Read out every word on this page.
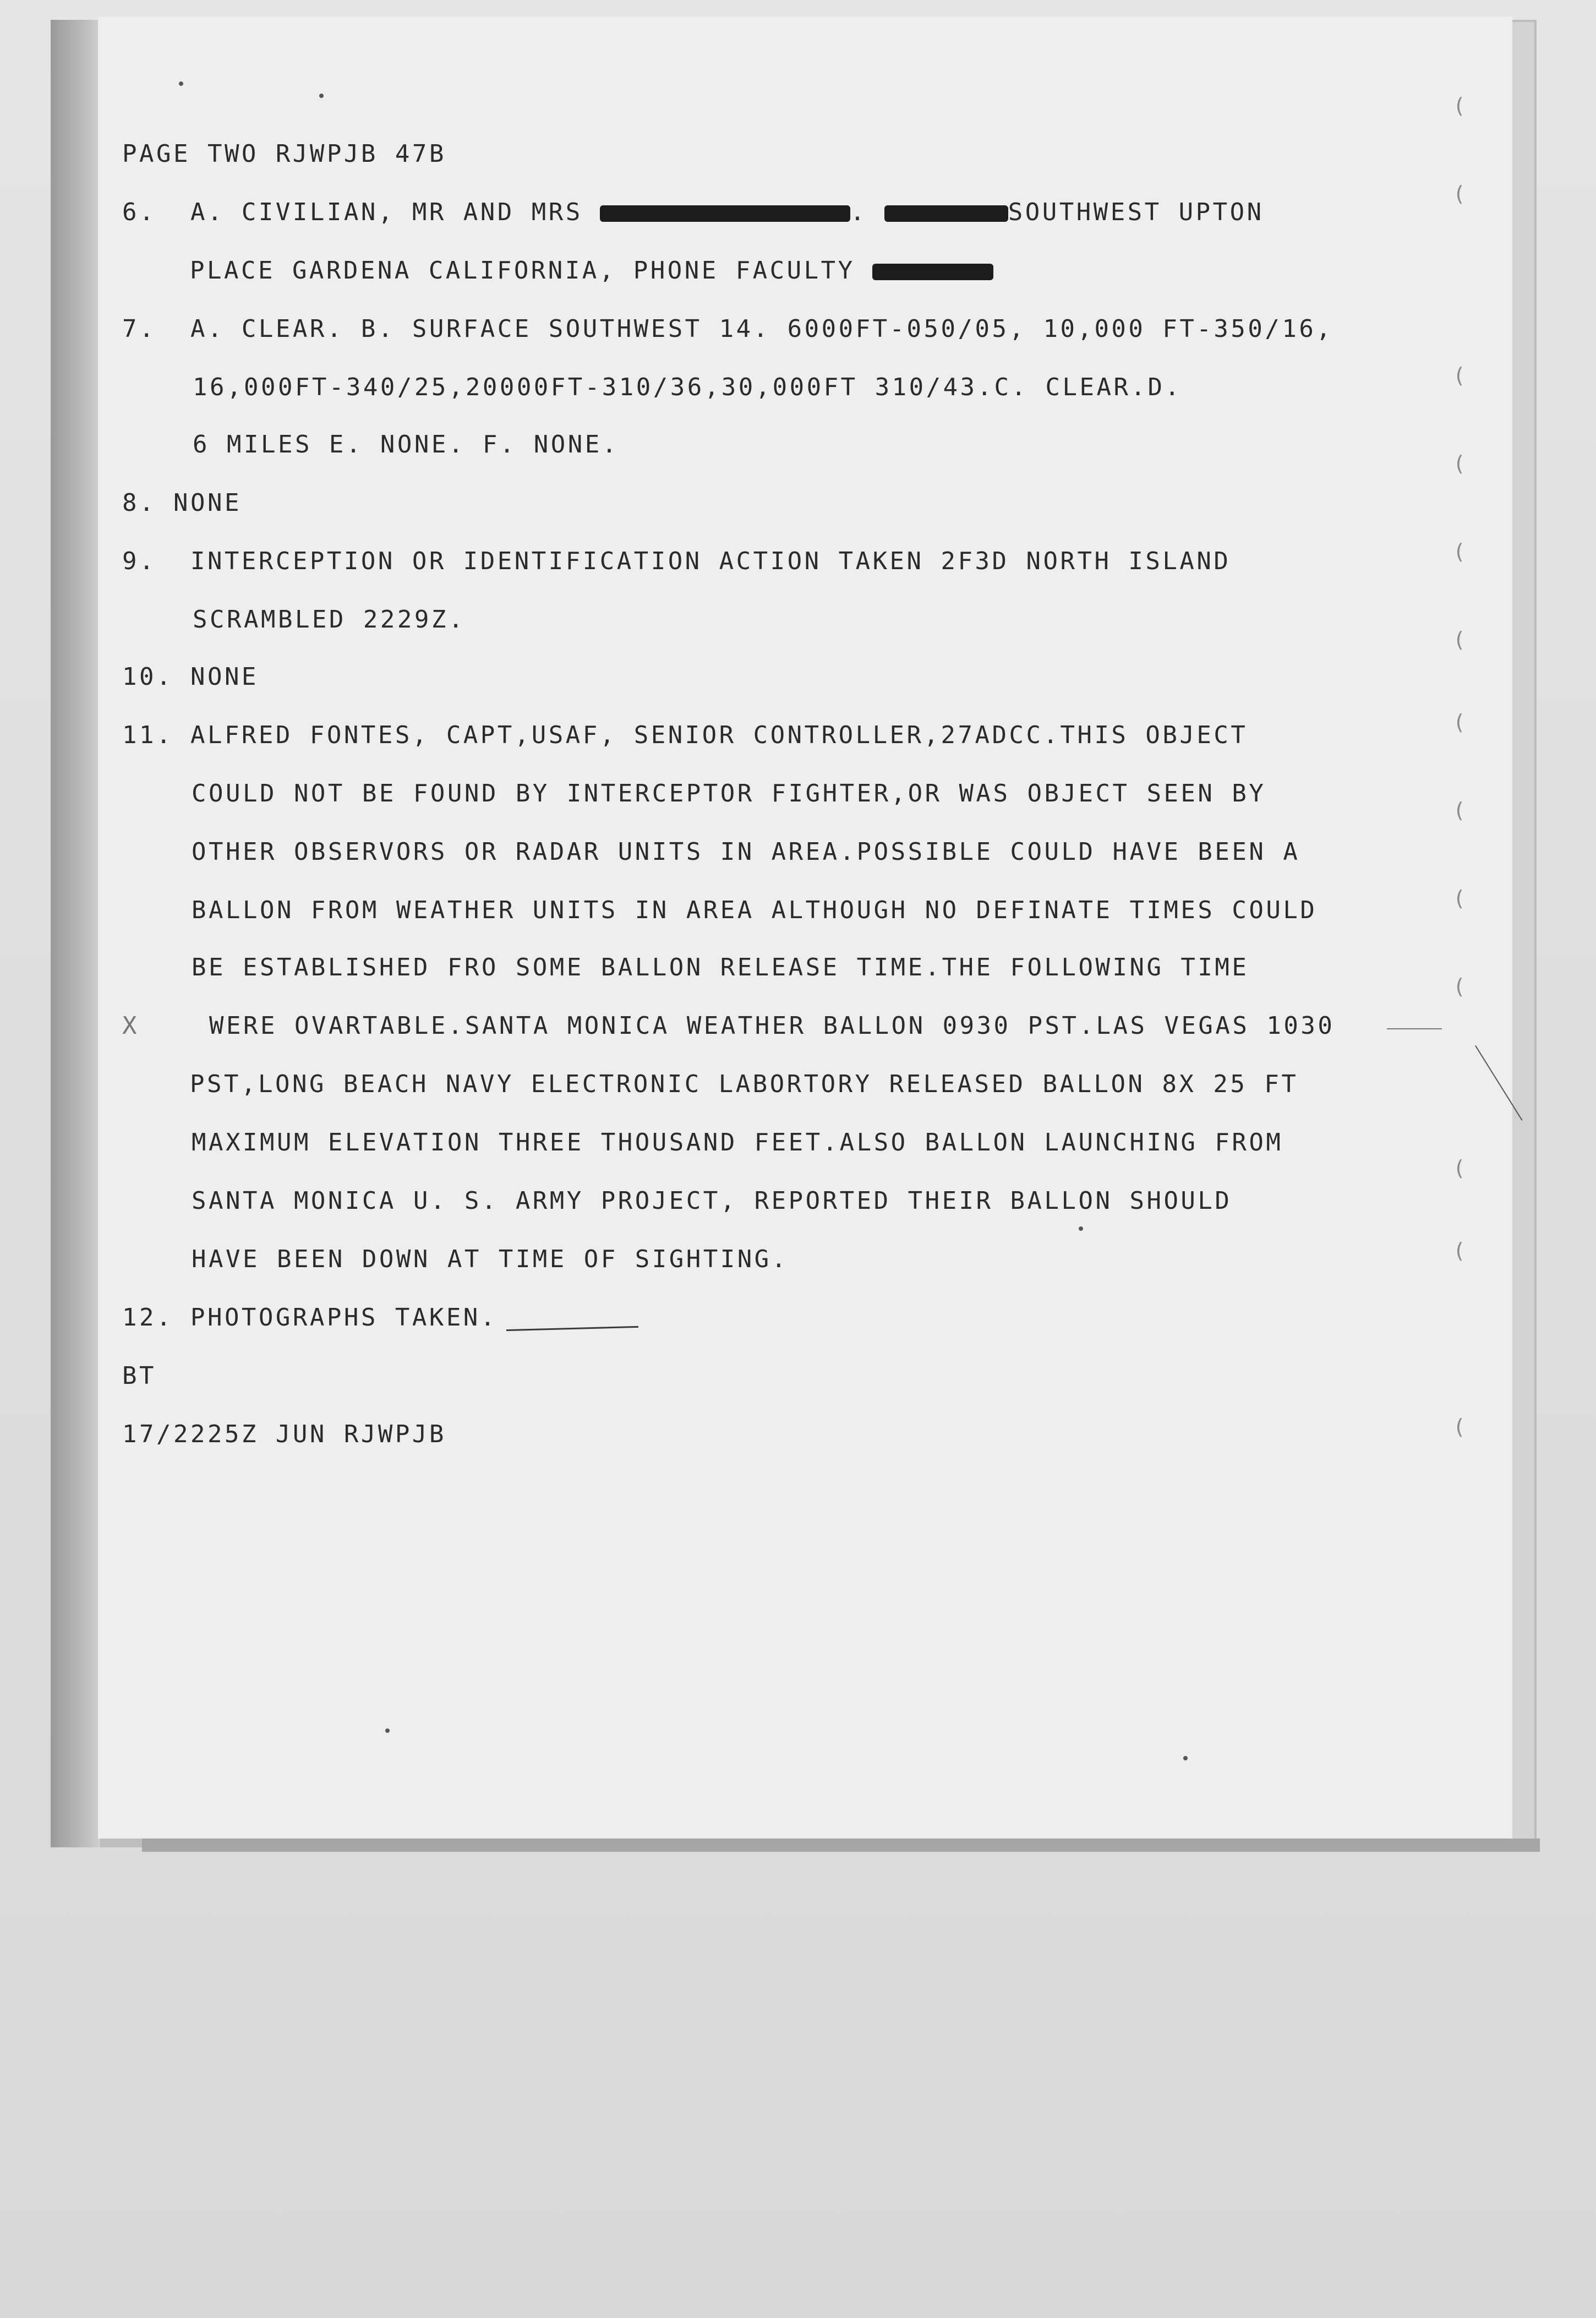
PAGE TWO RJWPJB 47B
6.  A. CIVILIAN, MR AND MRS	.	SOUTHWEST UPTON
PLACE GARDENA CALIFORNIA, PHONE FACULTY
7.  A. CLEAR. B. SURFACE SOUTHWEST 14. 6000FT-050/05, 10,000 FT-350/16,
16,000FT-340/25,20000FT-310/36,30,000FT 310/43.C. CLEAR.D.
6 MILES E. NONE. F. NONE.
8. NONE
9.  INTERCEPTION OR IDENTIFICATION ACTION TAKEN 2F3D NORTH ISLAND
SCRAMBLED 2229Z.
10. NONE
11. ALFRED FONTES, CAPT,USAF, SENIOR CONTROLLER,27ADCC.THIS OBJECT
COULD NOT BE FOUND BY INTERCEPTOR FIGHTER,OR WAS OBJECT SEEN BY
OTHER OBSERVORS OR RADAR UNITS IN AREA.POSSIBLE COULD HAVE BEEN A
BALLON FROM WEATHER UNITS IN AREA ALTHOUGH NO DEFINATE TIMES COULD
BE ESTABLISHED FRO SOME BALLON RELEASE TIME.THE FOLLOWING TIME
X	WERE OVARTABLE.SANTA MONICA WEATHER BALLON 0930 PST.LAS VEGAS 1030
PST,LONG BEACH NAVY ELECTRONIC LABORTORY RELEASED BALLON 8X 25 FT
MAXIMUM ELEVATION THREE THOUSAND FEET.ALSO BALLON LAUNCHING FROM
SANTA MONICA U. S. ARMY PROJECT, REPORTED THEIR BALLON SHOULD
HAVE BEEN DOWN AT TIME OF SIGHTING.
12. PHOTOGRAPHS TAKEN.
BT
17/2225Z JUN RJWPJB
(
(
(
(
(
(
(
(
(
(
(
(
(
